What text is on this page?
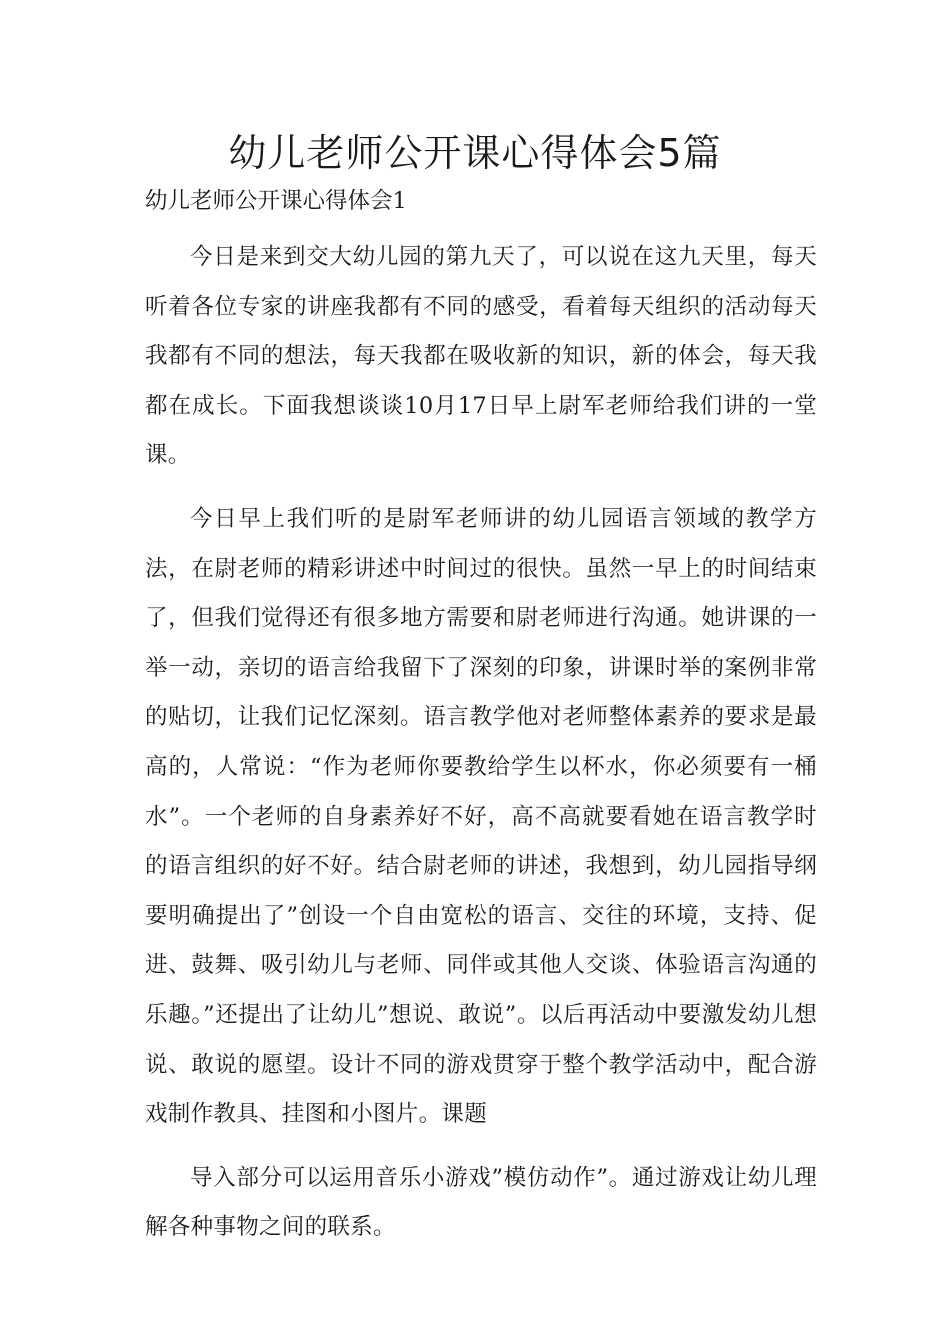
幼儿老师公开课心得体会5篇
幼儿老师公开课心得体会1

今日是来到交大幼儿园的第九天了，可以说在这九天里，每天听着各位专家的讲座我都有不同的感受，看着每天组织的活动每天我都有不同的想法，每天我都在吸收新的知识，新的体会，每天我都在成长。下面我想谈谈10月17日早上尉军老师给我们讲的一堂课。

今日早上我们听的是尉军老师讲的幼儿园语言领域的教学方法，在尉老师的精彩讲述中时间过的很快。虽然一早上的时间结束了，但我们觉得还有很多地方需要和尉老师进行沟通。她讲课的一举一动，亲切的语言给我留下了深刻的印象，讲课时举的案例非常的贴切，让我们记忆深刻。语言教学他对老师整体素养的要求是最高的，人常说：“作为老师你要教给学生以杯水，你必须要有一桶水”。一个老师的自身素养好不好，高不高就要看她在语言教学时的语言组织的好不好。结合尉老师的讲述，我想到，幼儿园指导纲要明确提出了”创设一个自由宽松的语言、交往的环境，支持、促进、鼓舞、吸引幼儿与老师、同伴或其他人交谈、体验语言沟通的乐趣。”还提出了让幼儿”想说、敢说”。以后再活动中要激发幼儿想说、敢说的愿望。设计不同的游戏贯穿于整个教学活动中，配合游戏制作教具、挂图和小图片。课题

导入部分可以运用音乐小游戏”模仿动作”。通过游戏让幼儿理解各种事物之间的联系。
